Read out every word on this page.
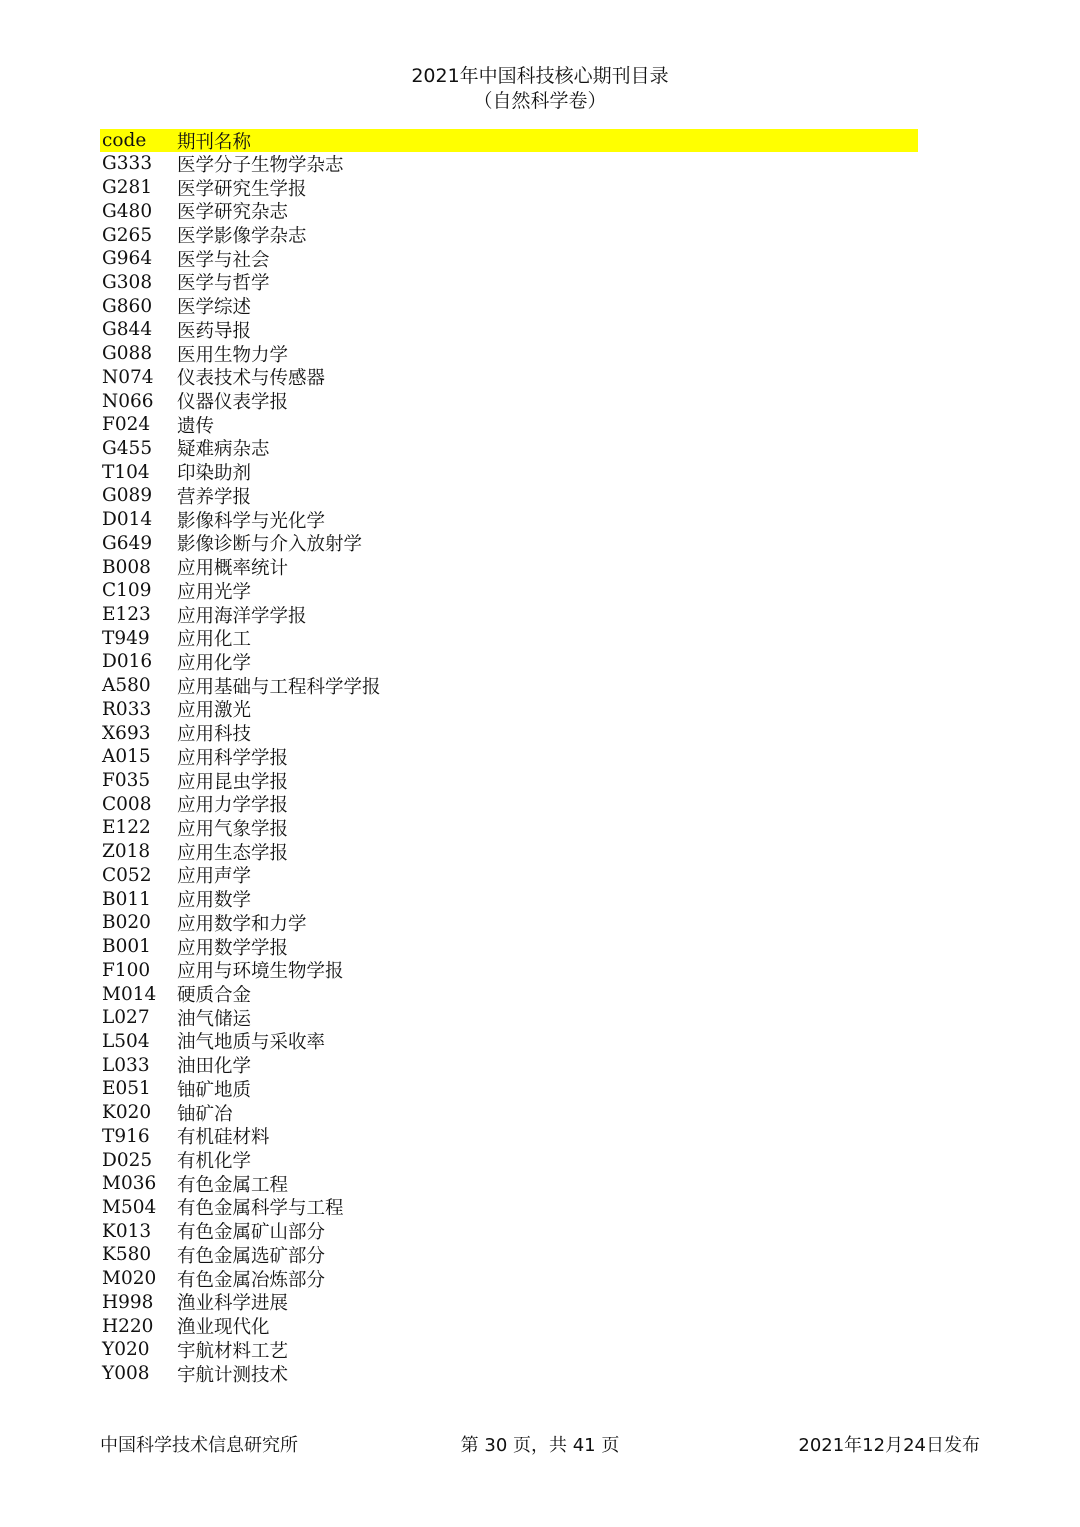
2021年中国科技核心期刊目录
（自然科学卷）
code	期刊名称
G333	医学分子生物学杂志
G281	医学研究生学报
G480	医学研究杂志
G265	医学影像学杂志
G964	医学与社会
G308	医学与哲学
G860	医学综述
G844	医药导报
G088	医用生物力学
N074	仪表技术与传感器
N066	仪器仪表学报
F024	遗传
G455	疑难病杂志
T104	印染助剂
G089	营养学报
D014	影像科学与光化学
G649	影像诊断与介入放射学
B008	应用概率统计
C109	应用光学
E123	应用海洋学学报
T949	应用化工
D016	应用化学
A580	应用基础与工程科学学报
R033	应用激光
X693	应用科技
A015	应用科学学报
F035	应用昆虫学报
C008	应用力学学报
E122	应用气象学报
Z018	应用生态学报
C052	应用声学
B011	应用数学
B020	应用数学和力学
B001	应用数学学报
F100	应用与环境生物学报
M014	硬质合金
L027	油气储运
L504	油气地质与采收率
L033	油田化学
E051	铀矿地质
K020	铀矿冶
T916	有机硅材料
D025	有机化学
M036	有色金属工程
M504	有色金属科学与工程
K013	有色金属矿山部分
K580	有色金属选矿部分
M020	有色金属冶炼部分
H998	渔业科学进展
H220	渔业现代化
Y020	宇航材料工艺
Y008	宇航计测技术
中国科学技术信息研究所	第 30 页，共 41 页	2021年12月24日发布
